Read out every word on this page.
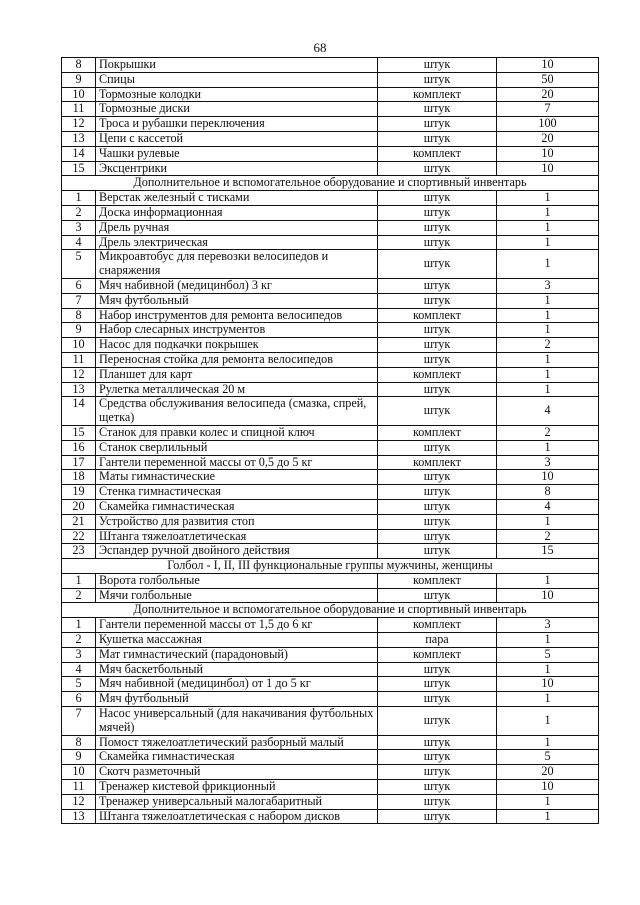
68
8	Покрышки	штук	10
9	Спицы	штук	50
10	Тормозные колодки	комплект	20
11	Тормозные диски	штук	7
12	Троса и рубашки переключения	штук	100
13	Цепи с кассетой	штук	20
14	Чашки рулевые	комплект	10
15	Эксцентрики	штук	10
Дополнительное и вспомогательное оборудование и спортивный инвентарь			
1	Верстак железный с тисками	штук	1
2	Доска информационная	штук	1
3	Дрель ручная	штук	1
4	Дрель электрическая	штук	1
5	Микроавтобус для перевозки велосипедов и снаряжения	штук	1
6	Мяч набивной (медицинбол) 3 кг	штук	3
7	Мяч футбольный	штук	1
8	Набор инструментов для ремонта велосипедов	комплект	1
9	Набор слесарных инструментов	штук	1
10	Насос для подкачки покрышек	штук	2
11	Переносная стойка для ремонта велосипедов	штук	1
12	Планшет для карт	комплект	1
13	Рулетка металлическая 20 м	штук	1
14	Средства обслуживания велосипеда (смазка, спрей, щетка)	штук	4
15	Станок для правки колес и спицной ключ	комплект	2
16	Станок сверлильный	штук	1
17	Гантели переменной массы от 0,5 до 5 кг	комплект	3
18	Маты гимнастические	штук	10
19	Стенка гимнастическая	штук	8
20	Скамейка гимнастическая	штук	4
21	Устройство для развития стоп	штук	1
22	Штанга тяжелоатлетическая	штук	2
23	Эспандер ручной двойного действия	штук	15
Голбол - I, II, III функциональные группы мужчины, женщины			
1	Ворота голбольные	комплект	1
2	Мячи голбольные	штук	10
Дополнительное и вспомогательное оборудование и спортивный инвентарь			
1	Гантели переменной массы от 1,5 до 6 кг	комплект	3
2	Кушетка массажная	пара	1
3	Мат гимнастический (парадоновый)	комплект	5
4	Мяч баскетбольный	штук	1
5	Мяч набивной (медицинбол) от 1 до 5 кг	штук	10
6	Мяч футбольный	штук	1
7	Насос универсальный (для накачивания футбольных мячей)	штук	1
8	Помост тяжелоатлетический разборный малый	штук	1
9	Скамейка гимнастическая	штук	5
10	Скотч разметочный	штук	20
11	Тренажер кистевой фрикционный	штук	10
12	Тренажер универсальный малогабаритный	штук	1
13	Штанга тяжелоатлетическая с набором дисков	штук	1
